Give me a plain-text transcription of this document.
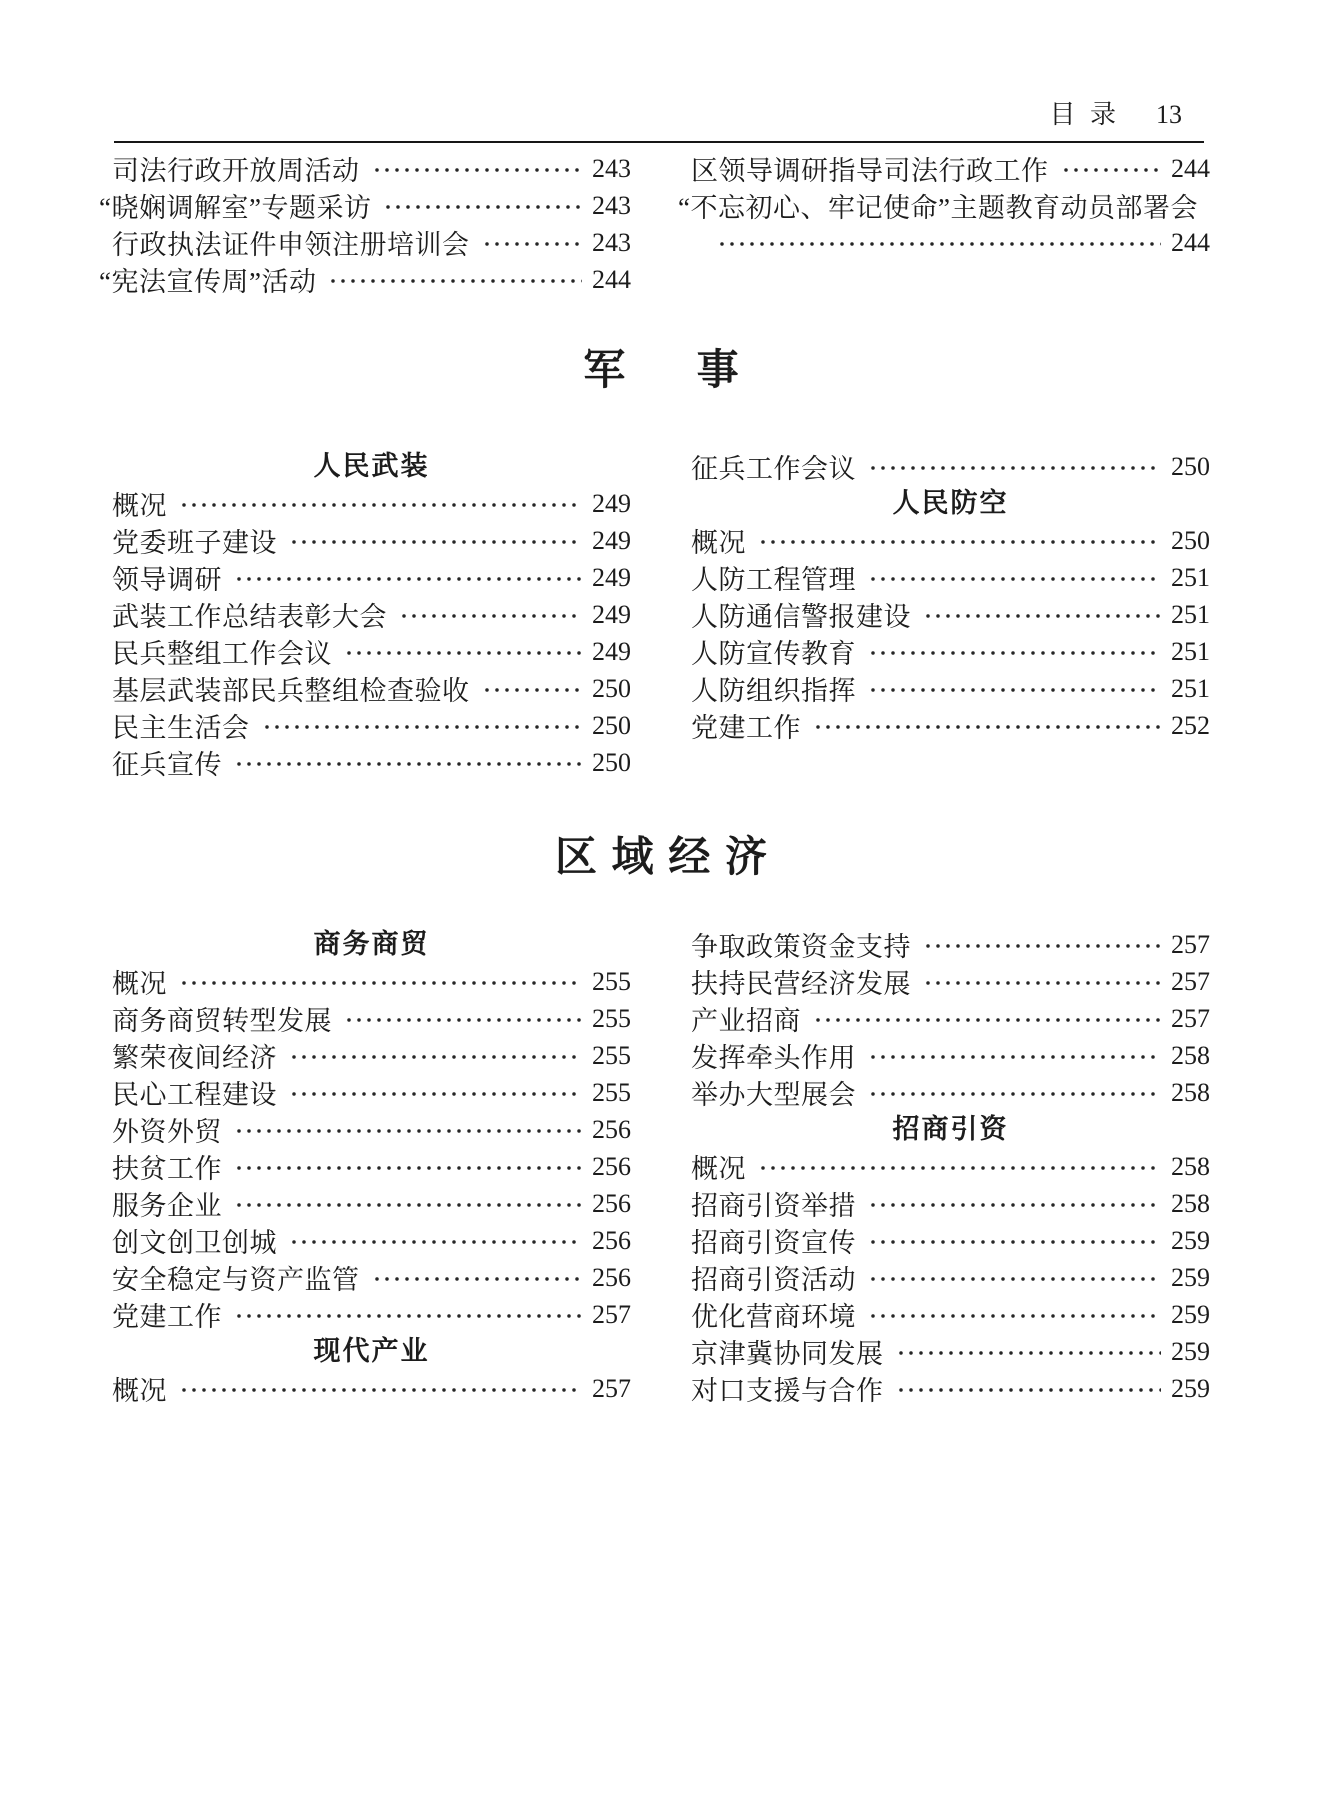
目 录 13
司法行政开放周活动	243
“晓娴调解室”专题采访	243
行政执法证件申领注册培训会	243
“宪法宣传周”活动	244
区领导调研指导司法行政工作	244
“不忘初心、牢记使命”主题教育动员部署会
244
军　事
人民武装
概况	249
党委班子建设	249
领导调研	249
武装工作总结表彰大会	249
民兵整组工作会议	249
基层武装部民兵整组检查验收	250
民主生活会	250
征兵宣传	250
征兵工作会议	250
人民防空
概况	250
人防工程管理	251
人防通信警报建设	251
人防宣传教育	251
人防组织指挥	251
党建工作	252
区域经济
商务商贸
概况	255
商务商贸转型发展	255
繁荣夜间经济	255
民心工程建设	255
外资外贸	256
扶贫工作	256
服务企业	256
创文创卫创城	256
安全稳定与资产监管	256
党建工作	257
现代产业
概况	257
争取政策资金支持	257
扶持民营经济发展	257
产业招商	257
发挥牵头作用	258
举办大型展会	258
招商引资
概况	258
招商引资举措	258
招商引资宣传	259
招商引资活动	259
优化营商环境	259
京津冀协同发展	259
对口支援与合作	259
